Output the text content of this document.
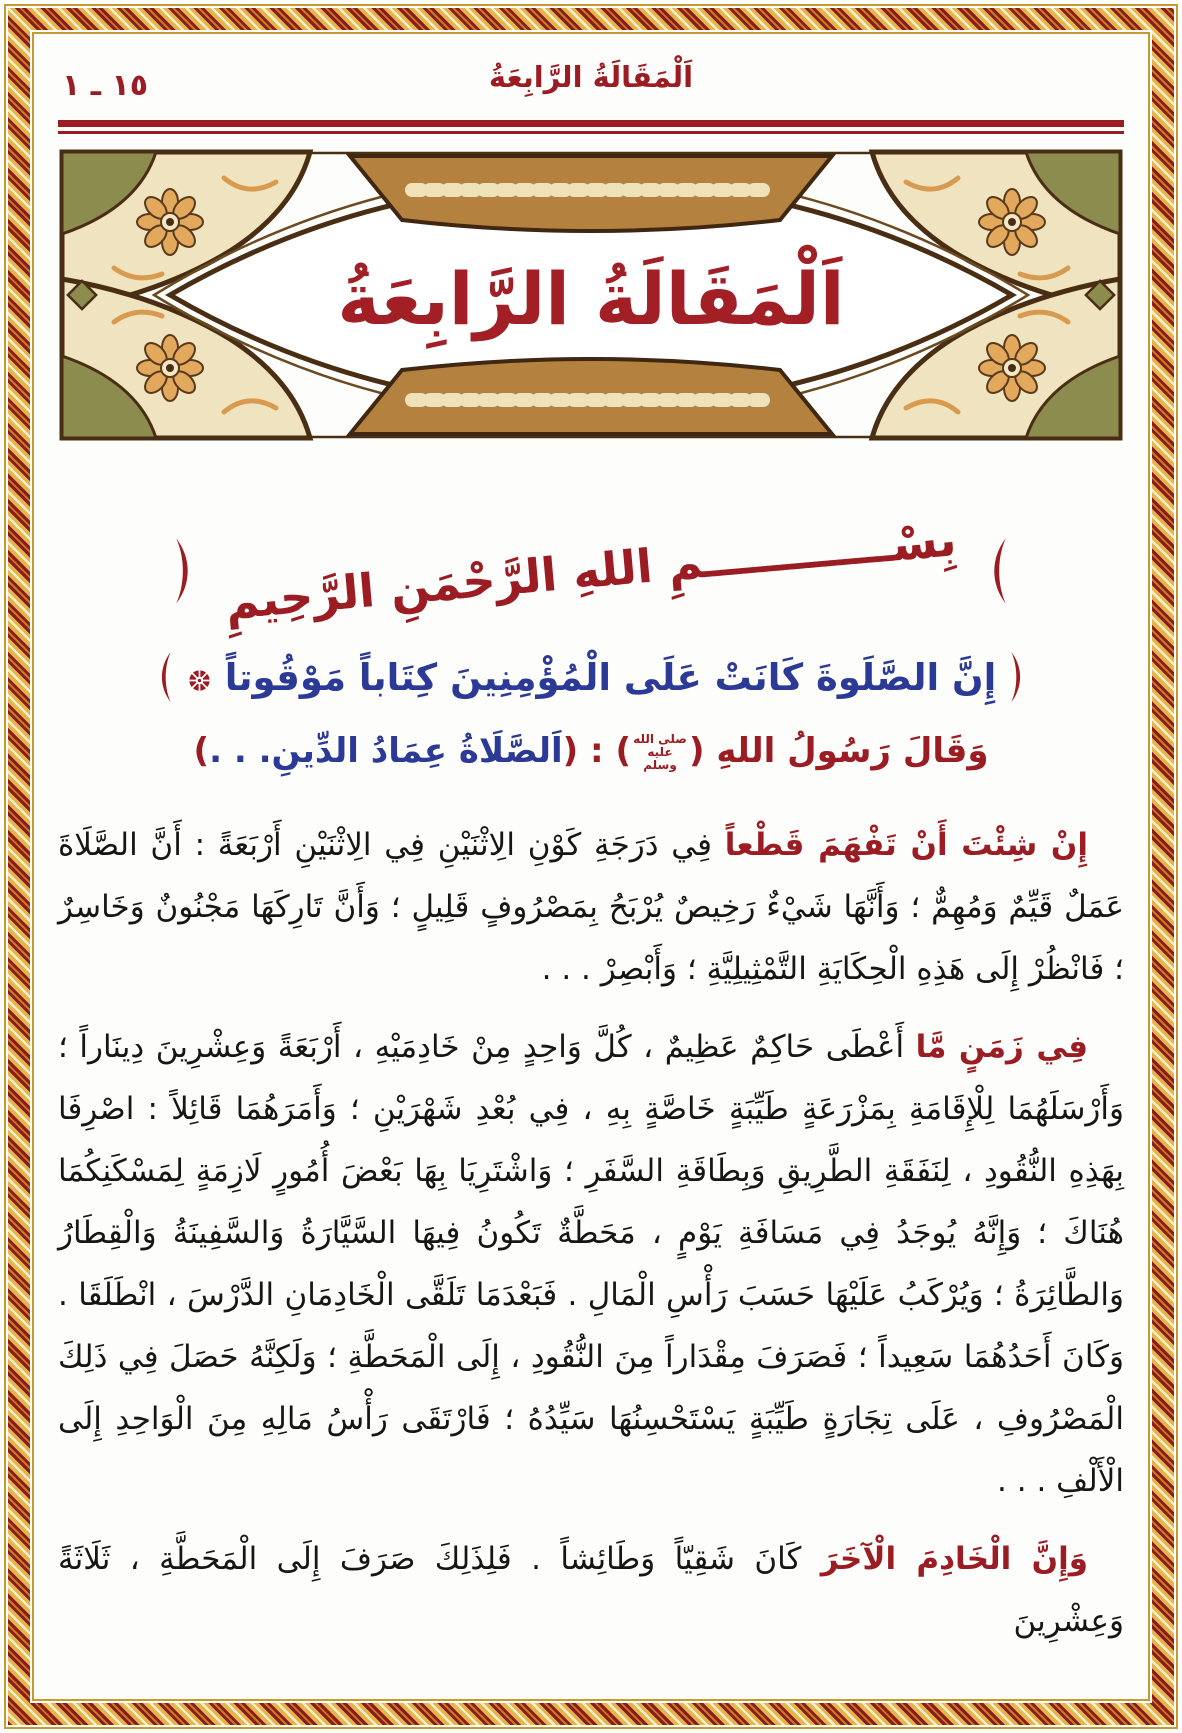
١٥ ـ ١	اَلْمَقَالَةُ الرَّابِعَةُ
اَلْمَقَالَةُ الرَّابِعَةُ
بِسْــــــــــــمِ اللهِ الرَّحْمَنِ الرَّحِيمِ
إِنَّ الصَّلَوةَ كَانَتْ عَلَى الْمُؤْمِنِينَ كِتَاباً مَوْقُوتاً
وَقَالَ رَسُولُ اللهِ (صلى الله عليه وسلم) : (اَلصَّلَاةُ عِمَادُ الدِّينِ. . .)

إِنْ شِئْتَ أَنْ تَفْهَمَ قَطْعاً فِي دَرَجَةِ كَوْنِ الِاثْنَيْنِ فِي الِاثْنَيْنِ أَرْبَعَةً : أَنَّ الصَّلَاةَ عَمَلٌ قَيِّمٌ وَمُهِمٌّ ؛ وَأَنَّهَا شَيْءٌ رَخِيصٌ يُرْبَحُ بِمَصْرُوفٍ قَلِيلٍ ؛ وَأَنَّ تَارِكَهَا مَجْنُونٌ وَخَاسِرٌ ؛ فَانْظُرْ إِلَى هَذِهِ الْحِكَايَةِ التَّمْثِيلِيَّةِ ؛ وَأَبْصِرْ . . .

فِي زَمَنٍ مَّا أَعْطَى حَاكِمٌ عَظِيمٌ ، كُلَّ وَاحِدٍ مِنْ خَادِمَيْهِ ، أَرْبَعَةً وَعِشْرِينَ دِينَاراً ؛ وَأَرْسَلَهُمَا لِلْإِقَامَةِ بِمَزْرَعَةٍ طَيِّبَةٍ خَاصَّةٍ بِهِ ، فِي بُعْدِ شَهْرَيْنِ ؛ وَأَمَرَهُمَا قَائِلاً : اصْرِفَا بِهَذِهِ النُّقُودِ ، لِنَفَقَةِ الطَّرِيقِ وَبِطَاقَةِ السَّفَرِ ؛ وَاشْتَرِيَا بِهَا بَعْضَ أُمُورٍ لَازِمَةٍ لِمَسْكَنِكُمَا هُنَاكَ ؛ وَإِنَّهُ يُوجَدُ فِي مَسَافَةِ يَوْمٍ ، مَحَطَّةٌ تَكُونُ فِيهَا السَّيَّارَةُ وَالسَّفِينَةُ وَالْقِطَارُ وَالطَّائِرَةُ ؛ وَيُرْكَبُ عَلَيْهَا حَسَبَ رَأْسِ الْمَالِ . فَبَعْدَمَا تَلَقَّى الْخَادِمَانِ الدَّرْسَ ، انْطَلَقَا . وَكَانَ أَحَدُهُمَا سَعِيداً ؛ فَصَرَفَ مِقْدَاراً مِنَ النُّقُودِ ، إِلَى الْمَحَطَّةِ ؛ وَلَكِنَّهُ حَصَلَ فِي ذَلِكَ الْمَصْرُوفِ ، عَلَى تِجَارَةٍ طَيِّبَةٍ يَسْتَحْسِنُهَا سَيِّدُهُ ؛ فَارْتَقَى رَأْسُ مَالِهِ مِنَ الْوَاحِدِ إِلَى الْأَلْفِ . . .

وَإِنَّ الْخَادِمَ الْآخَرَ كَانَ شَقِيّاً وَطَائِشاً . فَلِذَلِكَ صَرَفَ إِلَى الْمَحَطَّةِ ، ثَلَاثَةً وَعِشْرِينَ
